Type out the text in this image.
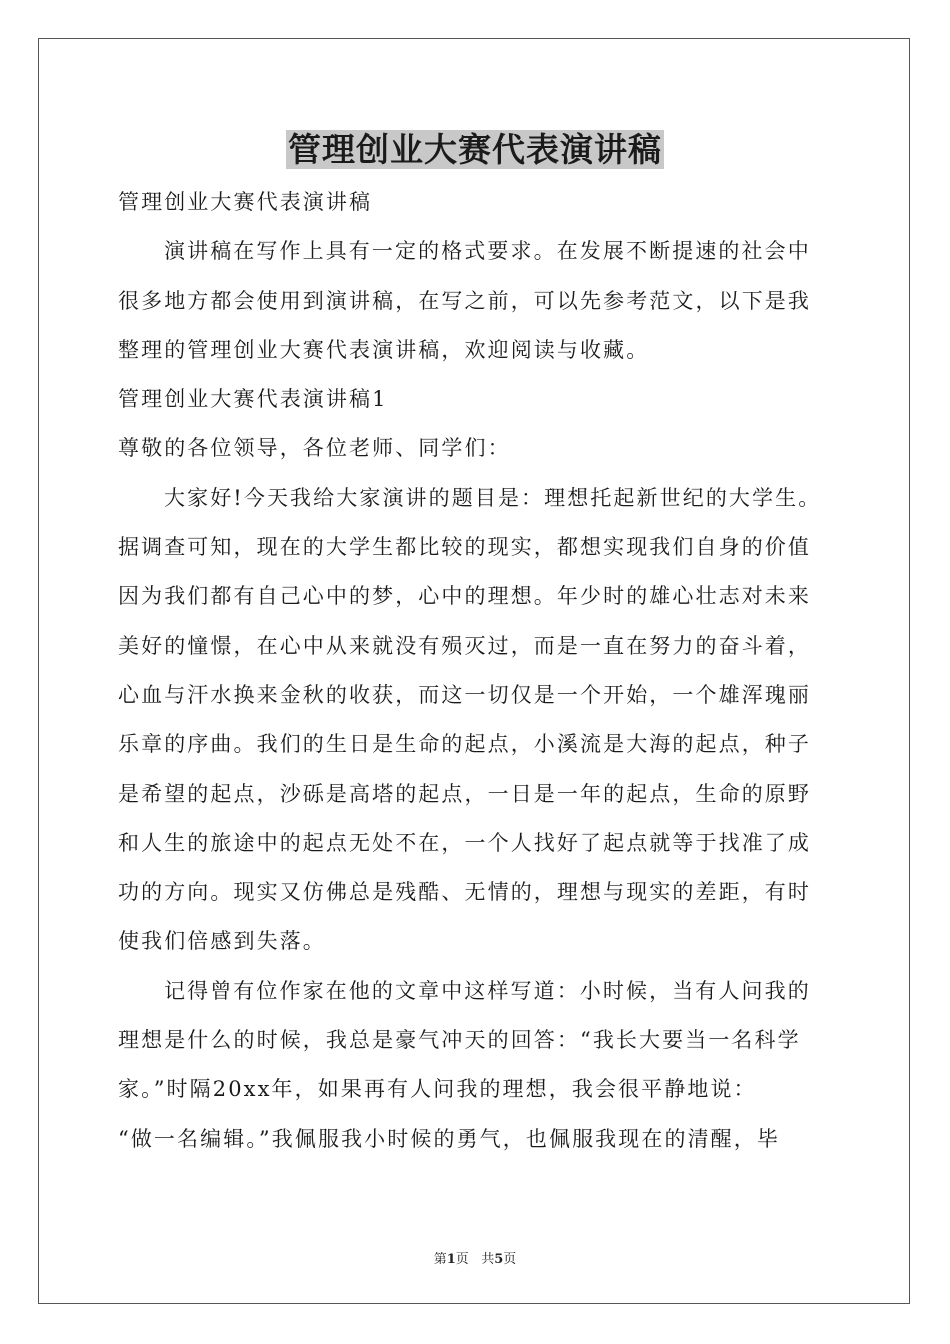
管理创业大赛代表演讲稿
管理创业大赛代表演讲稿
演讲稿在写作上具有一定的格式要求。在发展不断提速的社会中
很多地方都会使用到演讲稿，在写之前，可以先参考范文，以下是我
整理的管理创业大赛代表演讲稿，欢迎阅读与收藏。
管理创业大赛代表演讲稿1
尊敬的各位领导，各位老师、同学们：
大家好!今天我给大家演讲的题目是：理想托起新世纪的大学生。
据调查可知，现在的大学生都比较的现实，都想实现我们自身的价值
因为我们都有自己心中的梦，心中的理想。年少时的雄心壮志对未来
美好的憧憬，在心中从来就没有殒灭过，而是一直在努力的奋斗着，
心血与汗水换来金秋的收获，而这一切仅是一个开始，一个雄浑瑰丽
乐章的序曲。我们的生日是生命的起点，小溪流是大海的起点，种子
是希望的起点，沙砾是高塔的起点，一日是一年的起点，生命的原野
和人生的旅途中的起点无处不在，一个人找好了起点就等于找准了成
功的方向。现实又仿佛总是残酷、无情的，理想与现实的差距，有时
使我们倍感到失落。
记得曾有位作家在他的文章中这样写道：小时候，当有人问我的
理想是什么的时候，我总是豪气冲天的回答：“我长大要当一名科学
家。”时隔20xx年，如果再有人问我的理想，我会很平静地说：
“做一名编辑。”我佩服我小时候的勇气，也佩服我现在的清醒，毕
第1页 共5页
